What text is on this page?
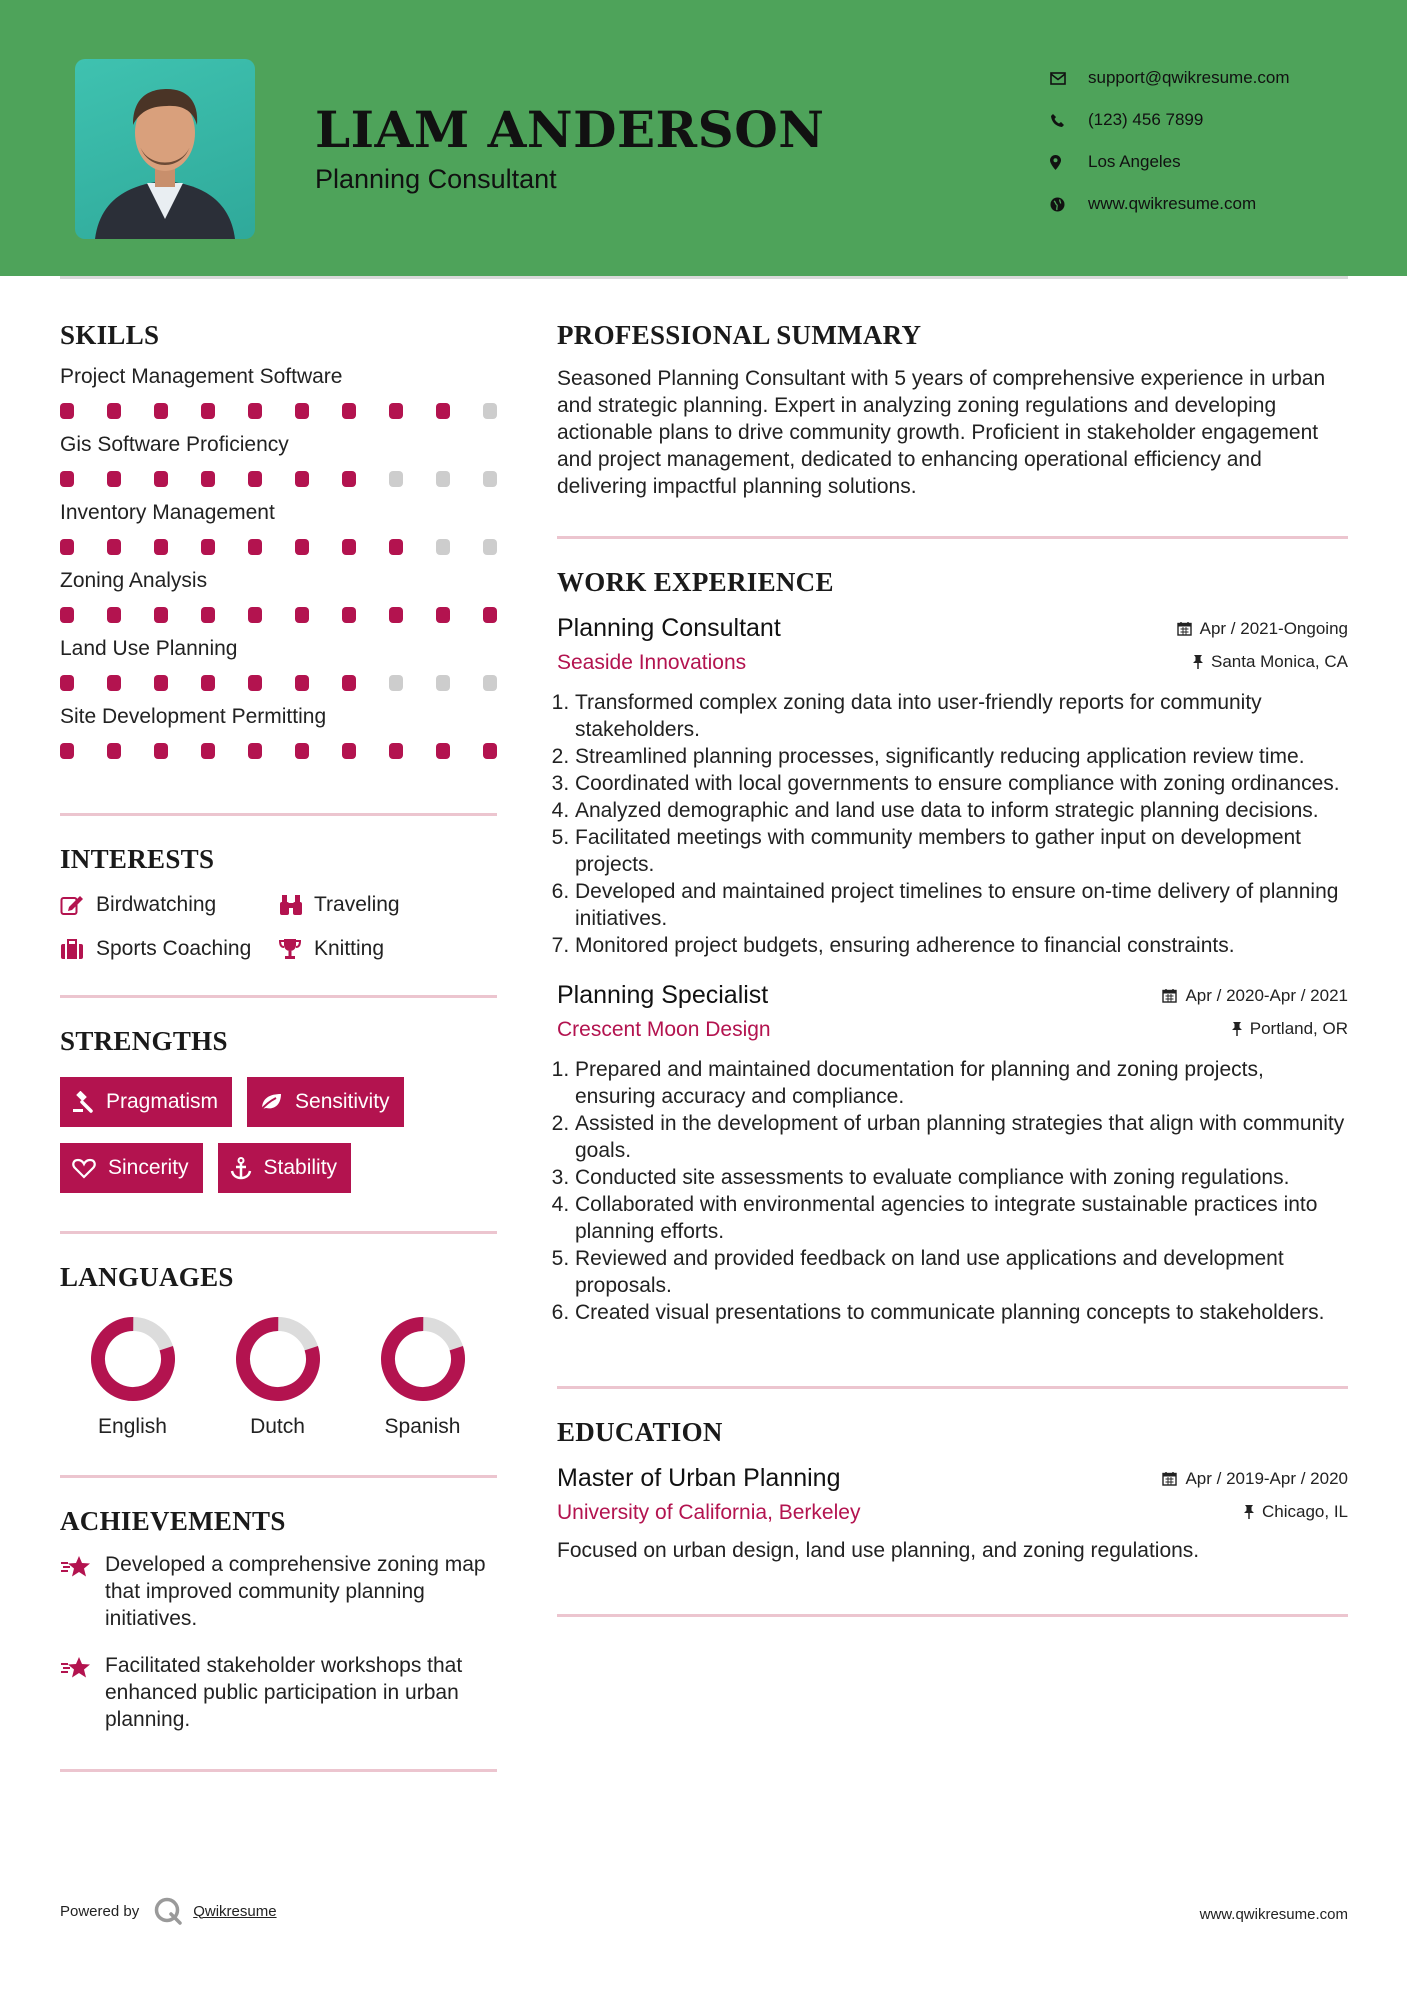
LIAM ANDERSON
Planning Consultant
support@qwikresume.com
(123) 456 7899
Los Angeles
www.qwikresume.com
SKILLS
Project Management Software
Gis Software Proficiency
Inventory Management
Zoning Analysis
Land Use Planning
Site Development Permitting
INTERESTS
Birdwatching	Traveling
Sports Coaching	Knitting
STRENGTHS
Pragmatism	Sensitivity
Sincerity	Stability
LANGUAGES
English	Dutch	Spanish
ACHIEVEMENTS
Developed a comprehensive zoning map that improved community planning initiatives.
Facilitated stakeholder workshops that enhanced public participation in urban planning.
PROFESSIONAL SUMMARY
Seasoned Planning Consultant with 5 years of comprehensive experience in urban and strategic planning. Expert in analyzing zoning regulations and developing actionable plans to drive community growth. Proficient in stakeholder engagement and project management, dedicated to enhancing operational efficiency and delivering impactful planning solutions.
WORK EXPERIENCE
Planning Consultant	Apr / 2021-Ongoing
Seaside Innovations	Santa Monica, CA
1. Transformed complex zoning data into user-friendly reports for community stakeholders.
2. Streamlined planning processes, significantly reducing application review time.
3. Coordinated with local governments to ensure compliance with zoning ordinances.
4. Analyzed demographic and land use data to inform strategic planning decisions.
5. Facilitated meetings with community members to gather input on development projects.
6. Developed and maintained project timelines to ensure on-time delivery of planning initiatives.
7. Monitored project budgets, ensuring adherence to financial constraints.
Planning Specialist	Apr / 2020-Apr / 2021
Crescent Moon Design	Portland, OR
1. Prepared and maintained documentation for planning and zoning projects, ensuring accuracy and compliance.
2. Assisted in the development of urban planning strategies that align with community goals.
3. Conducted site assessments to evaluate compliance with zoning regulations.
4. Collaborated with environmental agencies to integrate sustainable practices into planning efforts.
5. Reviewed and provided feedback on land use applications and development proposals.
6. Created visual presentations to communicate planning concepts to stakeholders.
EDUCATION
Master of Urban Planning	Apr / 2019-Apr / 2020
University of California, Berkeley	Chicago, IL
Focused on urban design, land use planning, and zoning regulations.
Powered by	Qwikresume	www.qwikresume.com
